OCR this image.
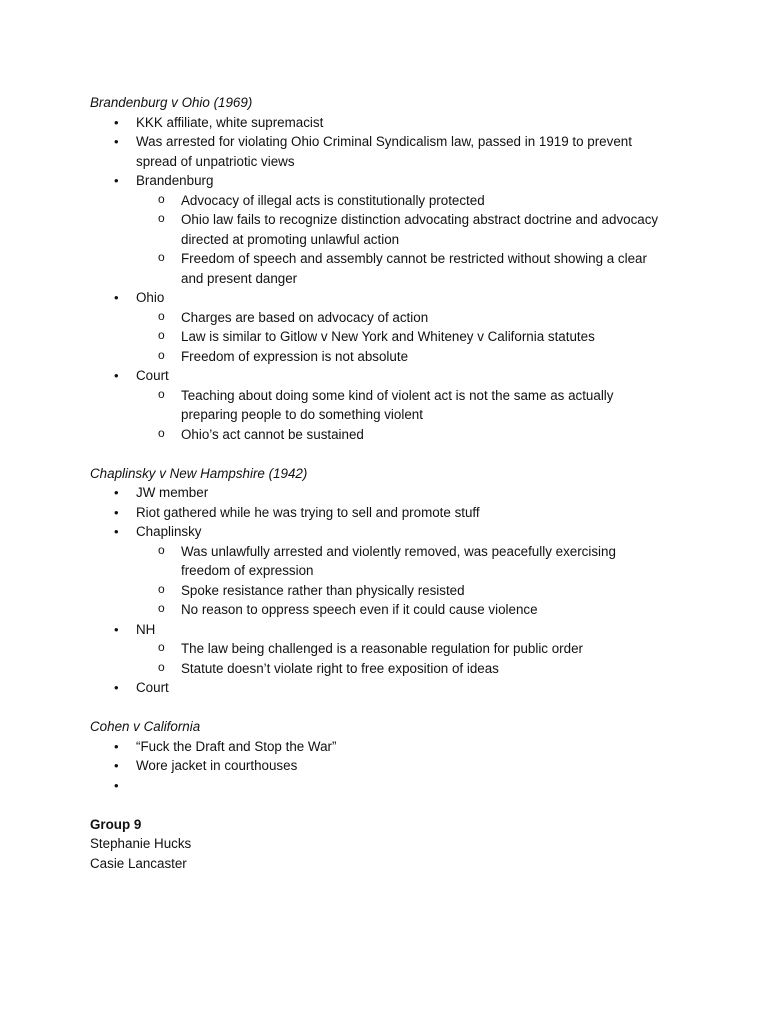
Brandenburg v Ohio (1969)
• KKK affiliate, white supremacist
• Was arrested for violating Ohio Criminal Syndicalism law, passed in 1919 to prevent spread of unpatriotic views
• Brandenburg
o Advocacy of illegal acts is constitutionally protected
o Ohio law fails to recognize distinction advocating abstract doctrine and advocacy directed at promoting unlawful action
o Freedom of speech and assembly cannot be restricted without showing a clear and present danger
• Ohio
o Charges are based on advocacy of action
o Law is similar to Gitlow v New York and Whiteney v California statutes
o Freedom of expression is not absolute
• Court
o Teaching about doing some kind of violent act is not the same as actually preparing people to do something violent
o Ohio’s act cannot be sustained
Chaplinsky v New Hampshire (1942)
• JW member
• Riot gathered while he was trying to sell and promote stuff
• Chaplinsky
o Was unlawfully arrested and violently removed, was peacefully exercising freedom of expression
o Spoke resistance rather than physically resisted
o No reason to oppress speech even if it could cause violence
• NH
o The law being challenged is a reasonable regulation for public order
o Statute doesn’t violate right to free exposition of ideas
• Court
Cohen v California
• “Fuck the Draft and Stop the War”
• Wore jacket in courthouses
•
Group 9
Stephanie Hucks
Casie Lancaster
